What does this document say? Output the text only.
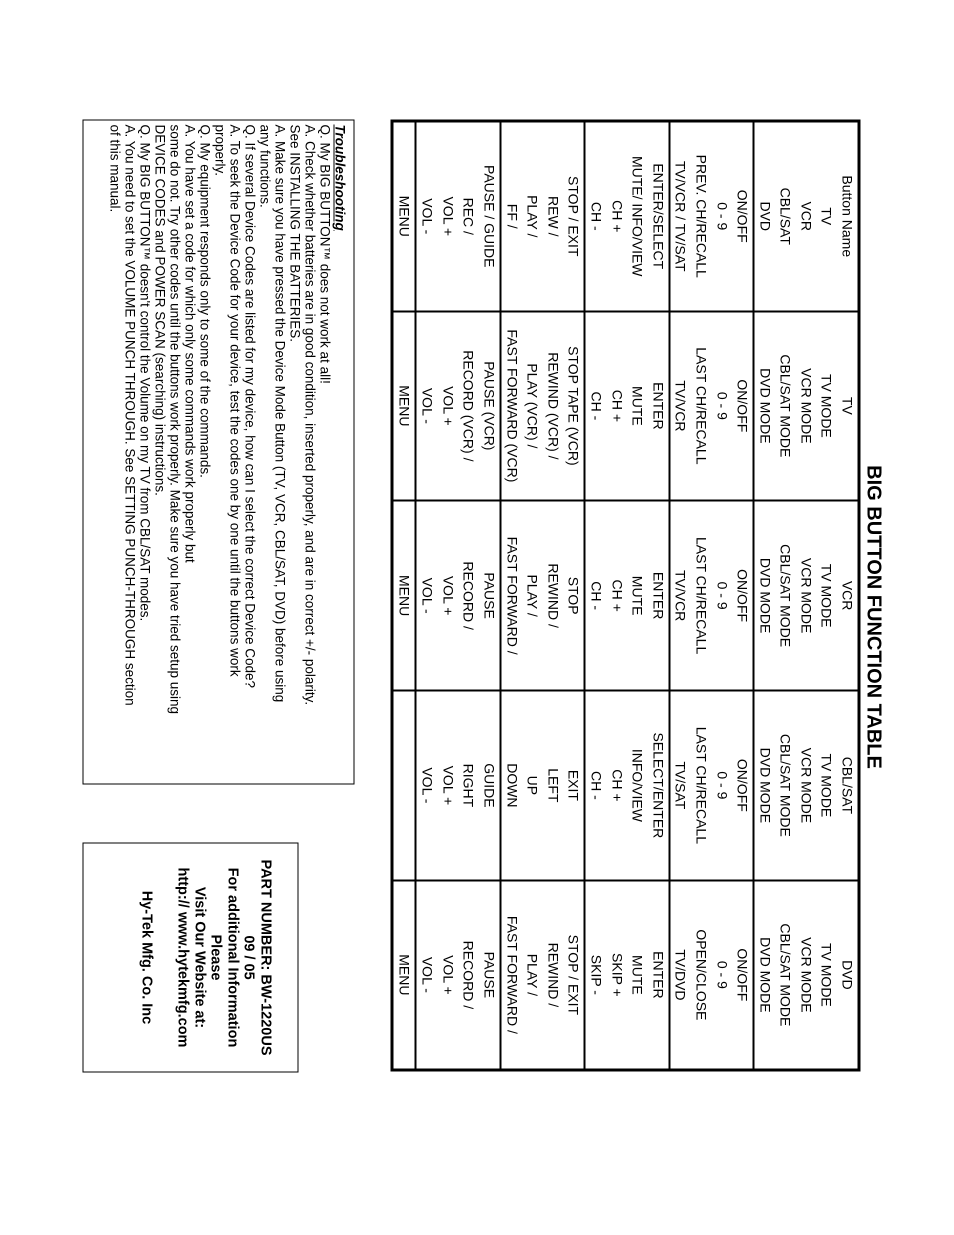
BIG BUTTON FUNCTION TABLE
Button Name	TV	VCR	CBL/SAT	DVD
TV	TV MODE	TV MODE	TV MODE	TV MODE
VCR	VCR MODE	VCR MODE	VCR MODE	VCR MODE
CBL/SAT	CBL/SAT MODE	CBL/SAT MODE	CBL/SAT MODE	CBL/SAT MODE
DVD	DVD MODE	DVD MODE	DVD MODE	DVD MODE
ON/OFF	ON/OFF	ON/OFF	ON/OFF	ON/OFF
0 - 9	0 - 9	0 - 9	0 - 9	0 - 9
PREV. CH/RECALL	LAST CH/RECALL	LAST CH/RECALL	LAST CH/RECALL	OPEN/CLOSE
TV/VCR / TV/SAT	TV/VCR	TV/VCR	TV/SAT	TV/DVD
ENTER/SELECT	ENTER	ENTER	SELECT/ENTER	ENTER
MUTE/ INFO/VIEW	MUTE	MUTE	INFO/VIEW	MUTE
CH +	CH +	CH +	CH +	SKIP +
CH -	CH -	CH -	CH -	SKIP -
STOP / EXIT	STOP TAPE (VCR)	STOP	EXIT	STOP / EXIT
REW /	REWIND (VCR) /	REWIND /	LEFT	REWIND /
PLAY /	PLAY (VCR) /	PLAY /	UP	PLAY /
FF /	FAST FORWARD (VCR)	FAST FORWARD /	DOWN	FAST FORWARD /
PAUSE / GUIDE	PAUSE (VCR)	PAUSE	GUIDE	PAUSE
REC /	RECORD (VCR) /	RECORD /	RIGHT	RECORD /
VOL +	VOL +	VOL +	VOL +	VOL +
VOL -	VOL -	VOL -	VOL -	VOL -
MENU	MENU	MENU		MENU
Troubleshooting
Q. My BIG BUTTON™ does not work at all!
A. Check whether batteries are in good condition, inserted properly, and are in correct +/- polarity.
See INSTALLING THE BATTERIES.
A. Make sure you have pressed the Device Mode Button (TV, VCR, CBL/SAT, DVD) before using
any functions.
Q. If several Device Codes are listed for my device, how can I select the correct Device Code?
A. To seek the Device Code for your device, test the codes one by one until the buttons work
properly.
Q. My equipment responds only to some of the commands.
A. You have set a code for which only some commands work properly but
some do not. Try other codes until the buttons work properly. Make sure you have tried setup using
DEVICE CODES and POWER SCAN (searching) instructions.
Q. My BIG BUTTON™ doesn't control the Volume on my TV from CBL/SAT modes.
A. You need to set the VOLUME PUNCH THROUGH. See SETTING PUNCH-THROUGH section
of this manual.
PART NUMBER: BW-1220US
09 / 05
For additional Information Please
Visit Our Website at:
http:// www.hytekmfg.com
Hy-Tek Mfg. Co. Inc
